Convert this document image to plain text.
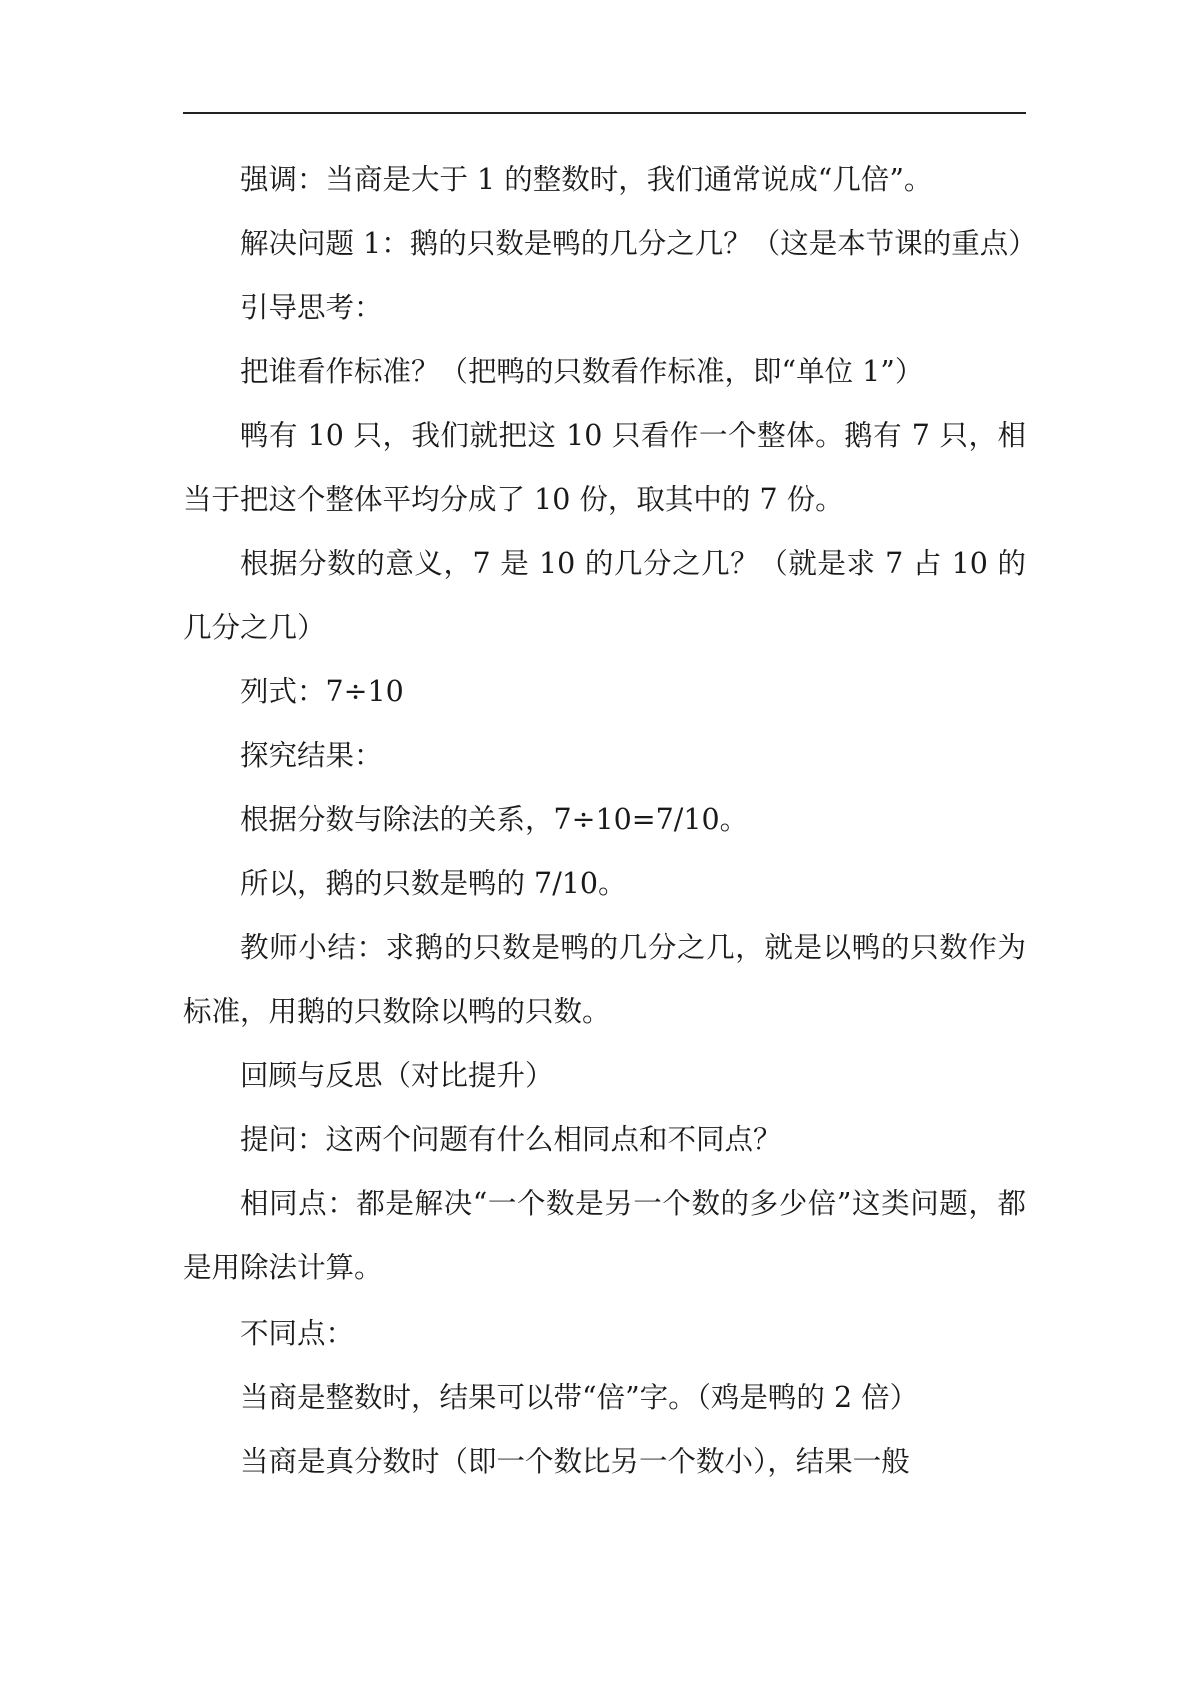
强调：当商是大于 1 的整数时，我们通常说成“几倍”。

解决问题 1：鹅的只数是鸭的几分之几？（这是本节课的重点）

引导思考：

把谁看作标准？（把鸭的只数看作标准，即“单位 1”）

鸭有 10 只，我们就把这 10 只看作一个整体。鹅有 7 只，相当于把这个整体平均分成了 10 份，取其中的 7 份。

根据分数的意义，7 是 10 的几分之几？（就是求 7 占 10 的几分之几）

列式：7÷10

探究结果：

根据分数与除法的关系，7÷10=7/10。

所以，鹅的只数是鸭的 7/10。

教师小结：求鹅的只数是鸭的几分之几，就是以鸭的只数作为标准，用鹅的只数除以鸭的只数。

回顾与反思（对比提升）

提问：这两个问题有什么相同点和不同点？

相同点：都是解决“一个数是另一个数的多少倍”这类问题，都是用除法计算。

不同点：

当商是整数时，结果可以带“倍”字。（鸡是鸭的 2 倍）

当商是真分数时（即一个数比另一个数小），结果一般
